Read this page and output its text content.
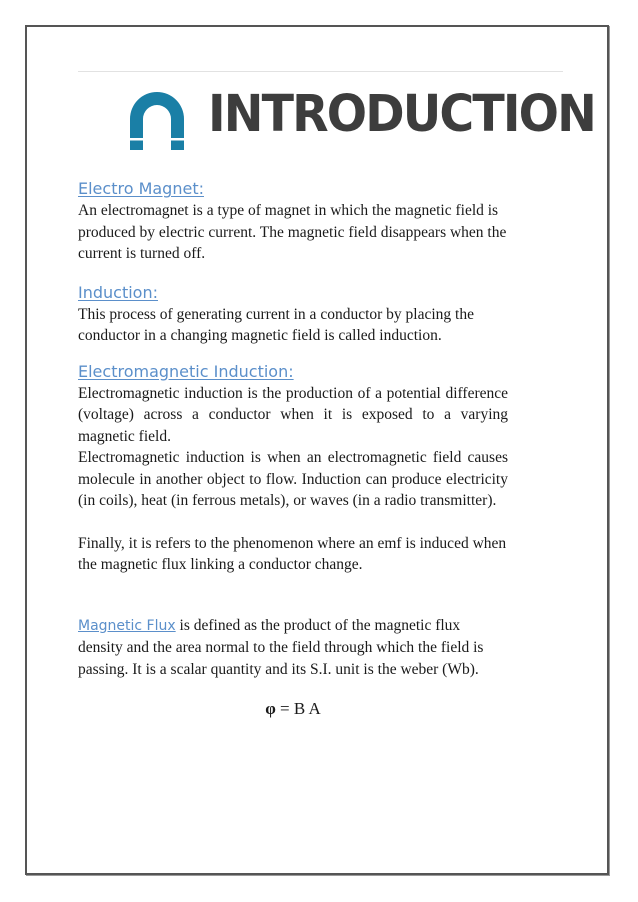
INTRODUCTION
Electro Magnet:

An electromagnet is a type of magnet in which the magnetic field is produced by electric current. The magnetic field disappears when the current is turned off.

Induction:

This process of generating current in a conductor by placing the conductor in a changing magnetic field is called induction.

Electromagnetic Induction:

Electromagnetic induction is the production of a potential difference (voltage) across a conductor when it is exposed to a varying magnetic field.

Electromagnetic induction is when an electromagnetic field causes molecule in another object to flow. Induction can produce electricity (in coils), heat (in ferrous metals), or waves (in a radio transmitter).

Finally, it is refers to the phenomenon where an emf is induced when the magnetic flux linking a conductor change.

Magnetic Flux is defined as the product of the magnetic flux density and the area normal to the field through which the field is passing. It is a scalar quantity and its S.I. unit is the weber (Wb).

φ = B A
